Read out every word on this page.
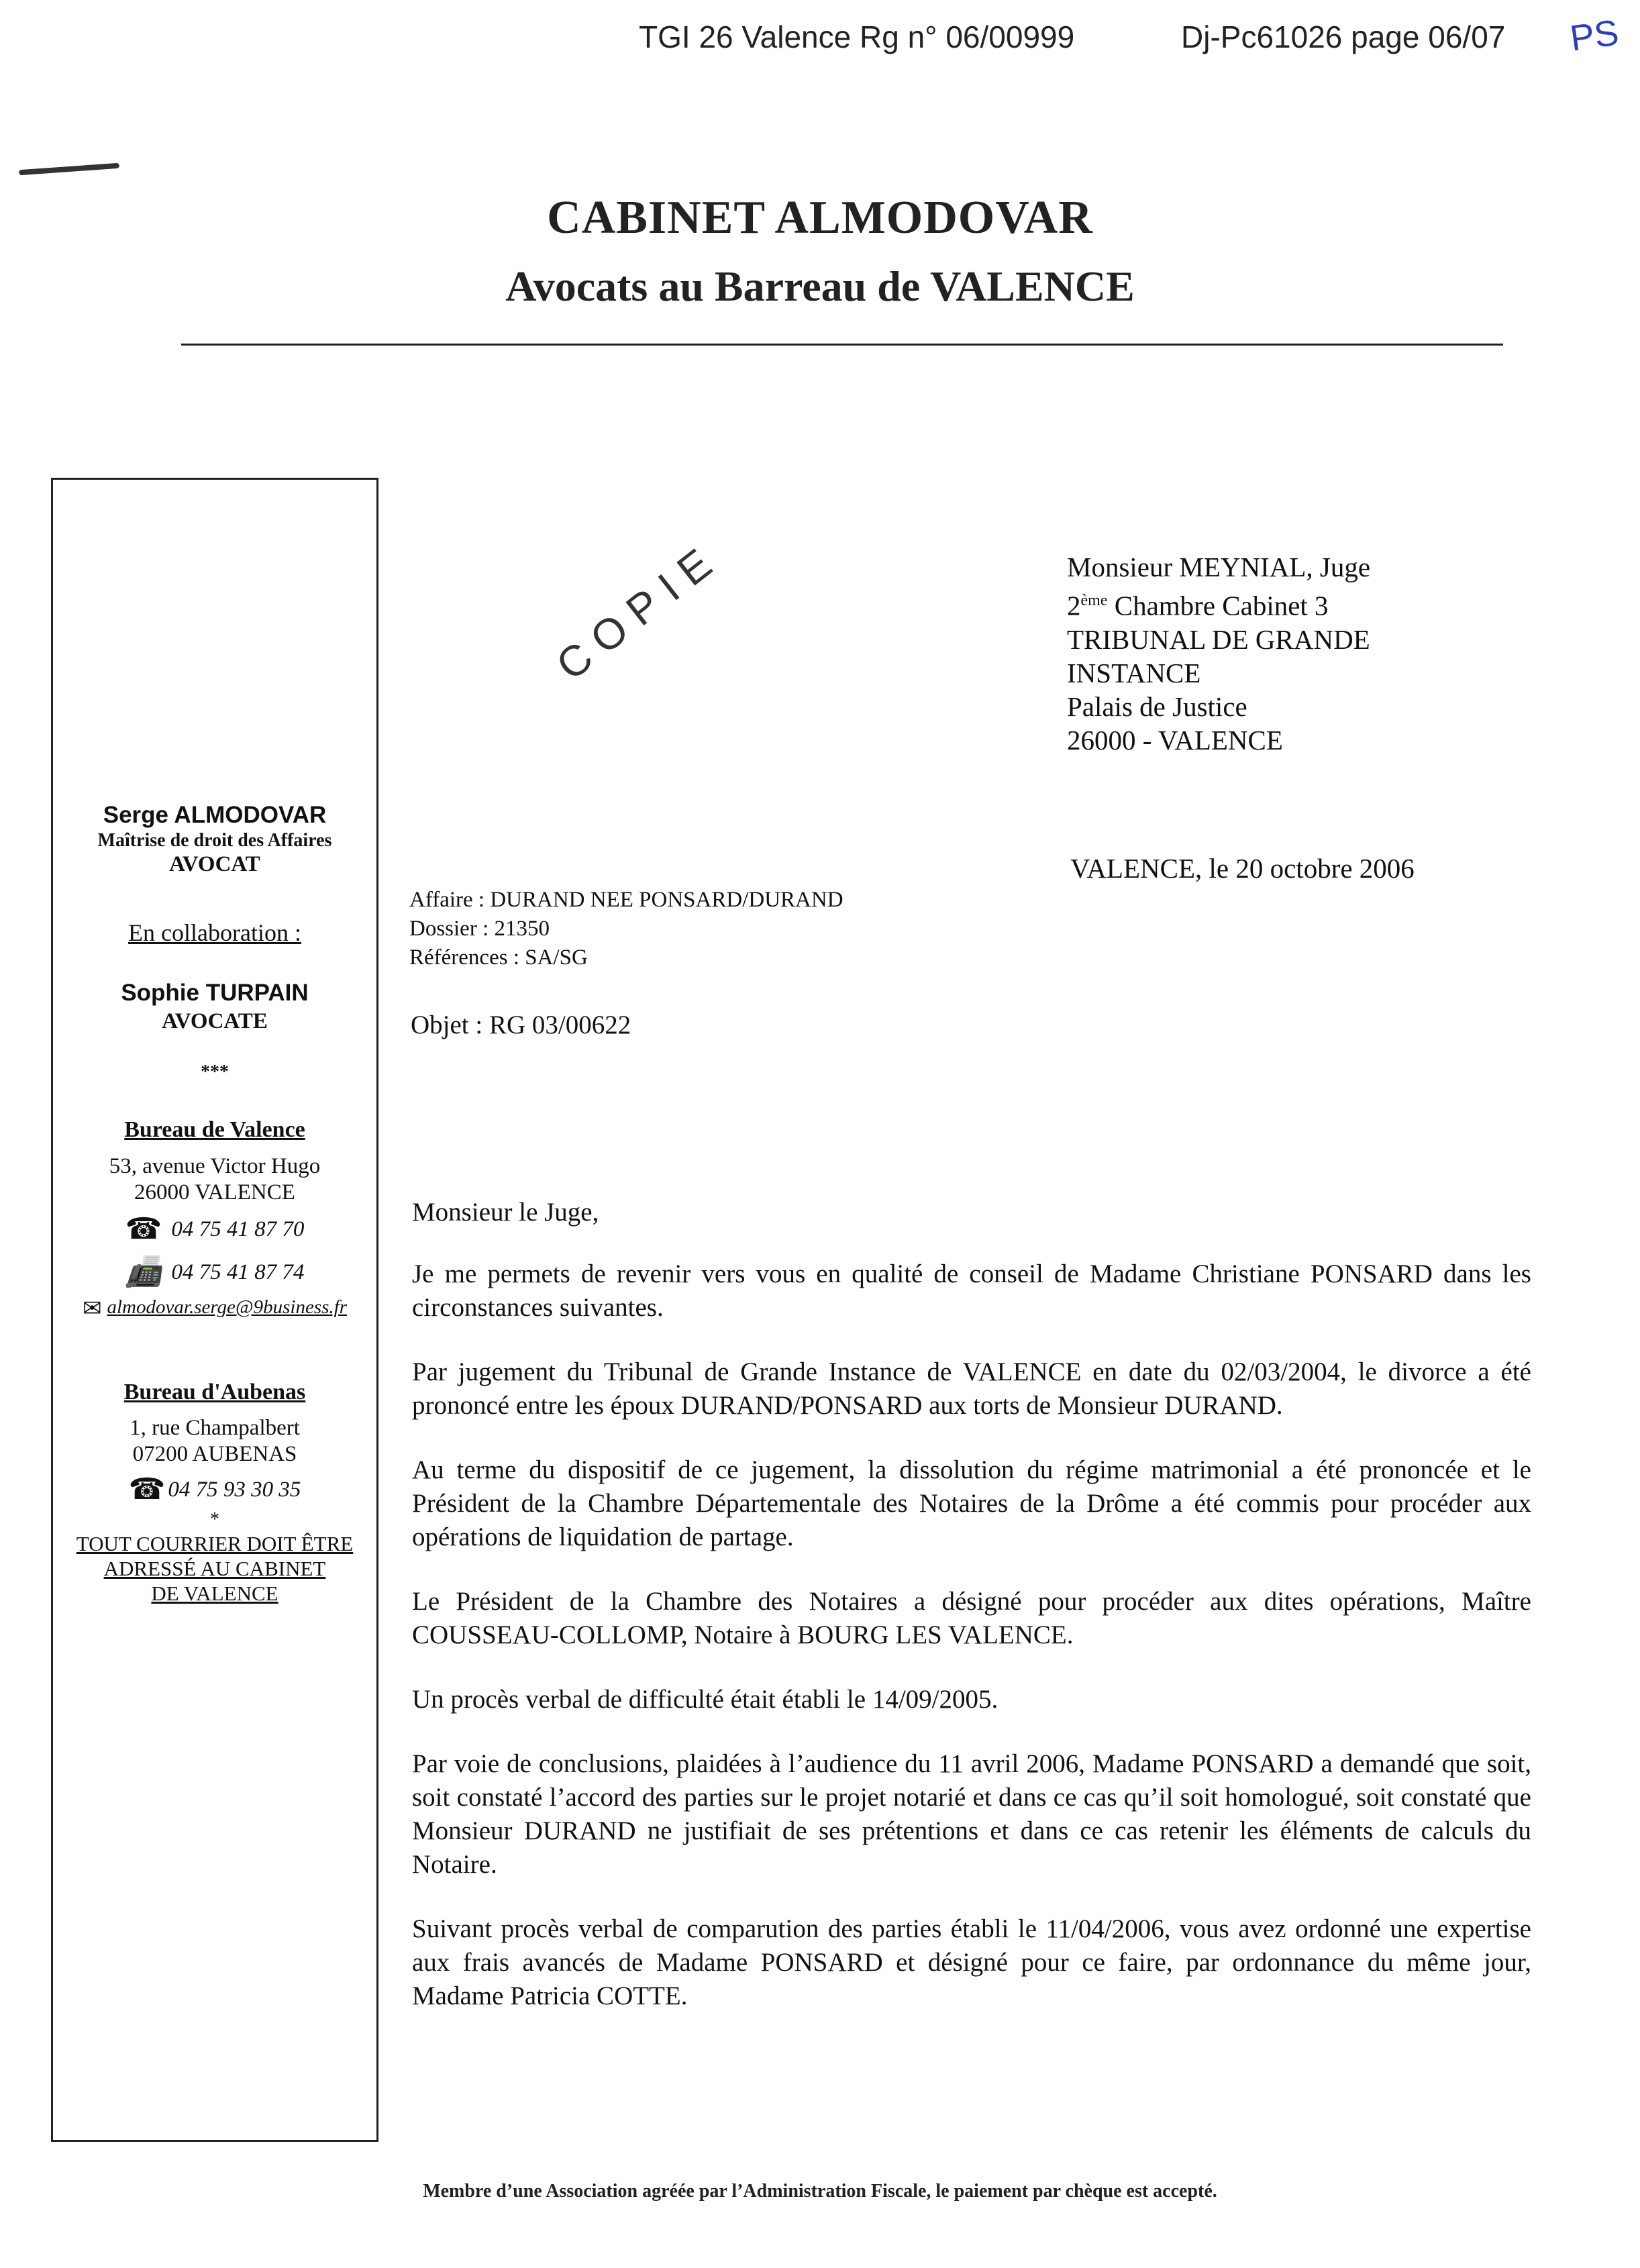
TGI 26 Valence Rg n° 06/00999	Dj-Pc61026 page 06/07 PS
CABINET ALMODOVAR
Avocats au Barreau de VALENCE
Serge ALMODOVAR
Maîtrise de droit des Affaires
AVOCAT
En collaboration :
Sophie TURPAIN
AVOCATE
***
Bureau de Valence
53, avenue Victor Hugo
26000 VALENCE
☎ 04 75 41 87 70
📠 04 75 41 87 74
✉ almodovar.serge@9business.fr
Bureau d'Aubenas
1, rue Champalbert
07200 AUBENAS
☎ 04 75 93 30 35
*
TOUT COURRIER DOIT ÊTRE
ADRESSÉ AU CABINET
DE VALENCE
COPIE	Monsieur MEYNIAL, Juge
2ème Chambre Cabinet 3
TRIBUNAL DE GRANDE
INSTANCE
Palais de Justice
26000 - VALENCE
VALENCE, le 20 octobre 2006
Affaire : DURAND NEE PONSARD/DURAND
Dossier : 21350
Références : SA/SG
Objet : RG 03/00622

Monsieur le Juge,

Je me permets de revenir vers vous en qualité de conseil de Madame Christiane PONSARD dans les circonstances suivantes.

Par jugement du Tribunal de Grande Instance de VALENCE en date du 02/03/2004, le divorce a été prononcé entre les époux DURAND/PONSARD aux torts de Monsieur DURAND.

Au terme du dispositif de ce jugement, la dissolution du régime matrimonial a été prononcée et le Président de la Chambre Départementale des Notaires de la Drôme a été commis pour procéder aux opérations de liquidation de partage.

Le Président de la Chambre des Notaires a désigné pour procéder aux dites opérations, Maître COUSSEAU-COLLOMP, Notaire à BOURG LES VALENCE.

Un procès verbal de difficulté était établi le 14/09/2005.

Par voie de conclusions, plaidées à l’audience du 11 avril 2006, Madame PONSARD a demandé que soit, soit constaté l’accord des parties sur le projet notarié et dans ce cas qu’il soit homologué, soit constaté que Monsieur DURAND ne justifiait de ses prétentions et dans ce cas retenir les éléments de calculs du Notaire.

Suivant procès verbal de comparution des parties établi le 11/04/2006, vous avez ordonné une expertise aux frais avancés de Madame PONSARD et désigné pour ce faire, par ordonnance du même jour, Madame Patricia COTTE.

Membre d’une Association agréée par l’Administration Fiscale, le paiement par chèque est accepté.
